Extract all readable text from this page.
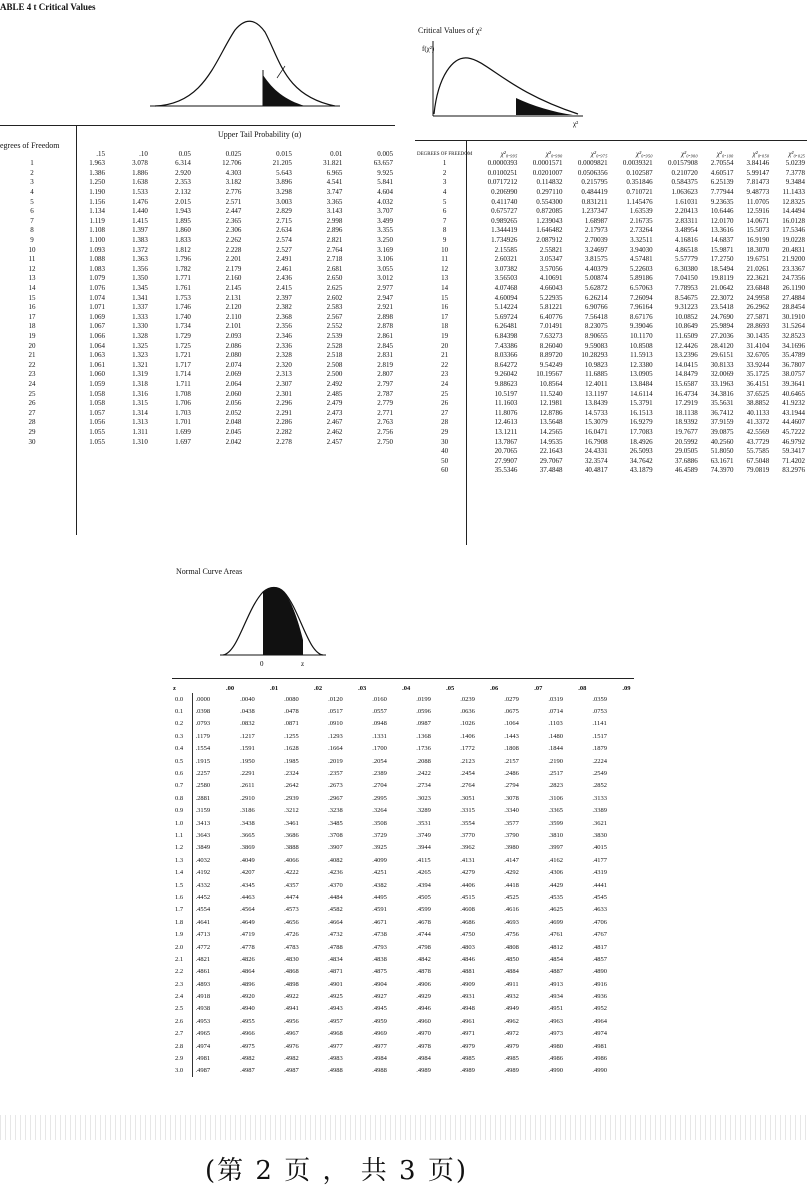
ABLE 4 t Critical Values
egrees of Freedom
Upper Tail Probability (α)
	.15	.10	0.05	0.025	0.015	0.01	0.005
1	1.963	3.078	6.314	12.706	21.205	31.821	63.657
2	1.386	1.886	2.920	4.303	5.643	6.965	9.925
3	1.250	1.638	2.353	3.182	3.896	4.541	5.841
4	1.190	1.533	2.132	2.776	3.298	3.747	4.604
5	1.156	1.476	2.015	2.571	3.003	3.365	4.032
6	1.134	1.440	1.943	2.447	2.829	3.143	3.707
7	1.119	1.415	1.895	2.365	2.715	2.998	3.499
8	1.108	1.397	1.860	2.306	2.634	2.896	3.355
9	1.100	1.383	1.833	2.262	2.574	2.821	3.250
10	1.093	1.372	1.812	2.228	2.527	2.764	3.169
11	1.088	1.363	1.796	2.201	2.491	2.718	3.106
12	1.083	1.356	1.782	2.179	2.461	2.681	3.055
13	1.079	1.350	1.771	2.160	2.436	2.650	3.012
14	1.076	1.345	1.761	2.145	2.415	2.625	2.977
15	1.074	1.341	1.753	2.131	2.397	2.602	2.947
16	1.071	1.337	1.746	2.120	2.382	2.583	2.921
17	1.069	1.333	1.740	2.110	2.368	2.567	2.898
18	1.067	1.330	1.734	2.101	2.356	2.552	2.878
19	1.066	1.328	1.729	2.093	2.346	2.539	2.861
20	1.064	1.325	1.725	2.086	2.336	2.528	2.845
21	1.063	1.323	1.721	2.080	2.328	2.518	2.831
22	1.061	1.321	1.717	2.074	2.320	2.508	2.819
23	1.060	1.319	1.714	2.069	2.313	2.500	2.807
24	1.059	1.318	1.711	2.064	2.307	2.492	2.797
25	1.058	1.316	1.708	2.060	2.301	2.485	2.787
26	1.058	1.315	1.706	2.056	2.296	2.479	2.779
27	1.057	1.314	1.703	2.052	2.291	2.473	2.771
28	1.056	1.313	1.701	2.048	2.286	2.467	2.763
29	1.055	1.311	1.699	2.045	2.282	2.462	2.756
30	1.055	1.310	1.697	2.042	2.278	2.457	2.750
Critical Values of χ²
f(χ²)
χ²
DEGREES OF FREEDOM	χ²₀.₉₉₅	χ²₀.₉₉₀	χ²₀.₉₇₅	χ²₀.₉₅₀	χ²₀.₉₀₀	χ²₀.₁₀₀	χ²₀.₀₅₀	χ²₀.₀₂₅
1	0.0000393	0.0001571	0.0009821	0.0039321	0.0157908	2.70554	3.84146	5.0239
2	0.0100251	0.0201007	0.0506356	0.102587	0.210720	4.60517	5.99147	7.3778
3	0.0717212	0.114832	0.215795	0.351846	0.584375	6.25139	7.81473	9.3484
4	0.206990	0.297110	0.484419	0.710721	1.063623	7.77944	9.48773	11.1433
5	0.411740	0.554300	0.831211	1.145476	1.61031	9.23635	11.0705	12.8325
6	0.675727	0.872085	1.237347	1.63539	2.20413	10.6446	12.5916	14.4494
7	0.989265	1.239043	1.68987	2.16735	2.83311	12.0170	14.0671	16.0128
8	1.344419	1.646482	2.17973	2.73264	3.48954	13.3616	15.5073	17.5346
9	1.734926	2.087912	2.70039	3.32511	4.16816	14.6837	16.9190	19.0228
10	2.15585	2.55821	3.24697	3.94030	4.86518	15.9871	18.3070	20.4831
11	2.60321	3.05347	3.81575	4.57481	5.57779	17.2750	19.6751	21.9200
12	3.07382	3.57056	4.40379	5.22603	6.30380	18.5494	21.0261	23.3367
13	3.56503	4.10691	5.00874	5.89186	7.04150	19.8119	22.3621	24.7356
14	4.07468	4.66043	5.62872	6.57063	7.78953	21.0642	23.6848	26.1190
15	4.60094	5.22935	6.26214	7.26094	8.54675	22.3072	24.9958	27.4884
16	5.14224	5.81221	6.90766	7.96164	9.31223	23.5418	26.2962	28.8454
17	5.69724	6.40776	7.56418	8.67176	10.0852	24.7690	27.5871	30.1910
18	6.26481	7.01491	8.23075	9.39046	10.8649	25.9894	28.8693	31.5264
19	6.84398	7.63273	8.90655	10.1170	11.6509	27.2036	30.1435	32.8523
20	7.43386	8.26040	9.59083	10.8508	12.4426	28.4120	31.4104	34.1696
21	8.03366	8.89720	10.28293	11.5913	13.2396	29.6151	32.6705	35.4789
22	8.64272	9.54249	10.9823	12.3380	14.0415	30.8133	33.9244	36.7807
23	9.26042	10.19567	11.6885	13.0905	14.8479	32.0069	35.1725	38.0757
24	9.88623	10.8564	12.4011	13.8484	15.6587	33.1963	36.4151	39.3641
25	10.5197	11.5240	13.1197	14.6114	16.4734	34.3816	37.6525	40.6465
26	11.1603	12.1981	13.8439	15.3791	17.2919	35.5631	38.8852	41.9232
27	11.8076	12.8786	14.5733	16.1513	18.1138	36.7412	40.1133	43.1944
28	12.4613	13.5648	15.3079	16.9279	18.9392	37.9159	41.3372	44.4607
29	13.1211	14.2565	16.0471	17.7083	19.7677	39.0875	42.5569	45.7222
30	13.7867	14.9535	16.7908	18.4926	20.5992	40.2560	43.7729	46.9792
40	20.7065	22.1643	24.4331	26.5093	29.0505	51.8050	55.7585	59.3417
50	27.9907	29.7067	32.3574	34.7642	37.6886	63.1671	67.5048	71.4202
60	35.5346	37.4848	40.4817	43.1879	46.4589	74.3970	79.0819	83.2976
Normal Curve Areas
0	z
z	.00	.01	.02	.03	.04	.05	.06	.07	.08	.09
0.0	.0000	.0040	.0080	.0120	.0160	.0199	.0239	.0279	.0319	.0359
0.1	.0398	.0438	.0478	.0517	.0557	.0596	.0636	.0675	.0714	.0753
0.2	.0793	.0832	.0871	.0910	.0948	.0987	.1026	.1064	.1103	.1141
0.3	.1179	.1217	.1255	.1293	.1331	.1368	.1406	.1443	.1480	.1517
0.4	.1554	.1591	.1628	.1664	.1700	.1736	.1772	.1808	.1844	.1879
0.5	.1915	.1950	.1985	.2019	.2054	.2088	.2123	.2157	.2190	.2224
0.6	.2257	.2291	.2324	.2357	.2389	.2422	.2454	.2486	.2517	.2549
0.7	.2580	.2611	.2642	.2673	.2704	.2734	.2764	.2794	.2823	.2852
0.8	.2881	.2910	.2939	.2967	.2995	.3023	.3051	.3078	.3106	.3133
0.9	.3159	.3186	.3212	.3238	.3264	.3289	.3315	.3340	.3365	.3389
1.0	.3413	.3438	.3461	.3485	.3508	.3531	.3554	.3577	.3599	.3621
1.1	.3643	.3665	.3686	.3708	.3729	.3749	.3770	.3790	.3810	.3830
1.2	.3849	.3869	.3888	.3907	.3925	.3944	.3962	.3980	.3997	.4015
1.3	.4032	.4049	.4066	.4082	.4099	.4115	.4131	.4147	.4162	.4177
1.4	.4192	.4207	.4222	.4236	.4251	.4265	.4279	.4292	.4306	.4319
1.5	.4332	.4345	.4357	.4370	.4382	.4394	.4406	.4418	.4429	.4441
1.6	.4452	.4463	.4474	.4484	.4495	.4505	.4515	.4525	.4535	.4545
1.7	.4554	.4564	.4573	.4582	.4591	.4599	.4608	.4616	.4625	.4633
1.8	.4641	.4649	.4656	.4664	.4671	.4678	.4686	.4693	.4699	.4706
1.9	.4713	.4719	.4726	.4732	.4738	.4744	.4750	.4756	.4761	.4767
2.0	.4772	.4778	.4783	.4788	.4793	.4798	.4803	.4808	.4812	.4817
2.1	.4821	.4826	.4830	.4834	.4838	.4842	.4846	.4850	.4854	.4857
2.2	.4861	.4864	.4868	.4871	.4875	.4878	.4881	.4884	.4887	.4890
2.3	.4893	.4896	.4898	.4901	.4904	.4906	.4909	.4911	.4913	.4916
2.4	.4918	.4920	.4922	.4925	.4927	.4929	.4931	.4932	.4934	.4936
2.5	.4938	.4940	.4941	.4943	.4945	.4946	.4948	.4949	.4951	.4952
2.6	.4953	.4955	.4956	.4957	.4959	.4960	.4961	.4962	.4963	.4964
2.7	.4965	.4966	.4967	.4968	.4969	.4970	.4971	.4972	.4973	.4974
2.8	.4974	.4975	.4976	.4977	.4977	.4978	.4979	.4979	.4980	.4981
2.9	.4981	.4982	.4982	.4983	.4984	.4984	.4985	.4985	.4986	.4986
3.0	.4987	.4987	.4987	.4988	.4988	.4989	.4989	.4989	.4990	.4990
(第 2 页 ， 共 3 页)
